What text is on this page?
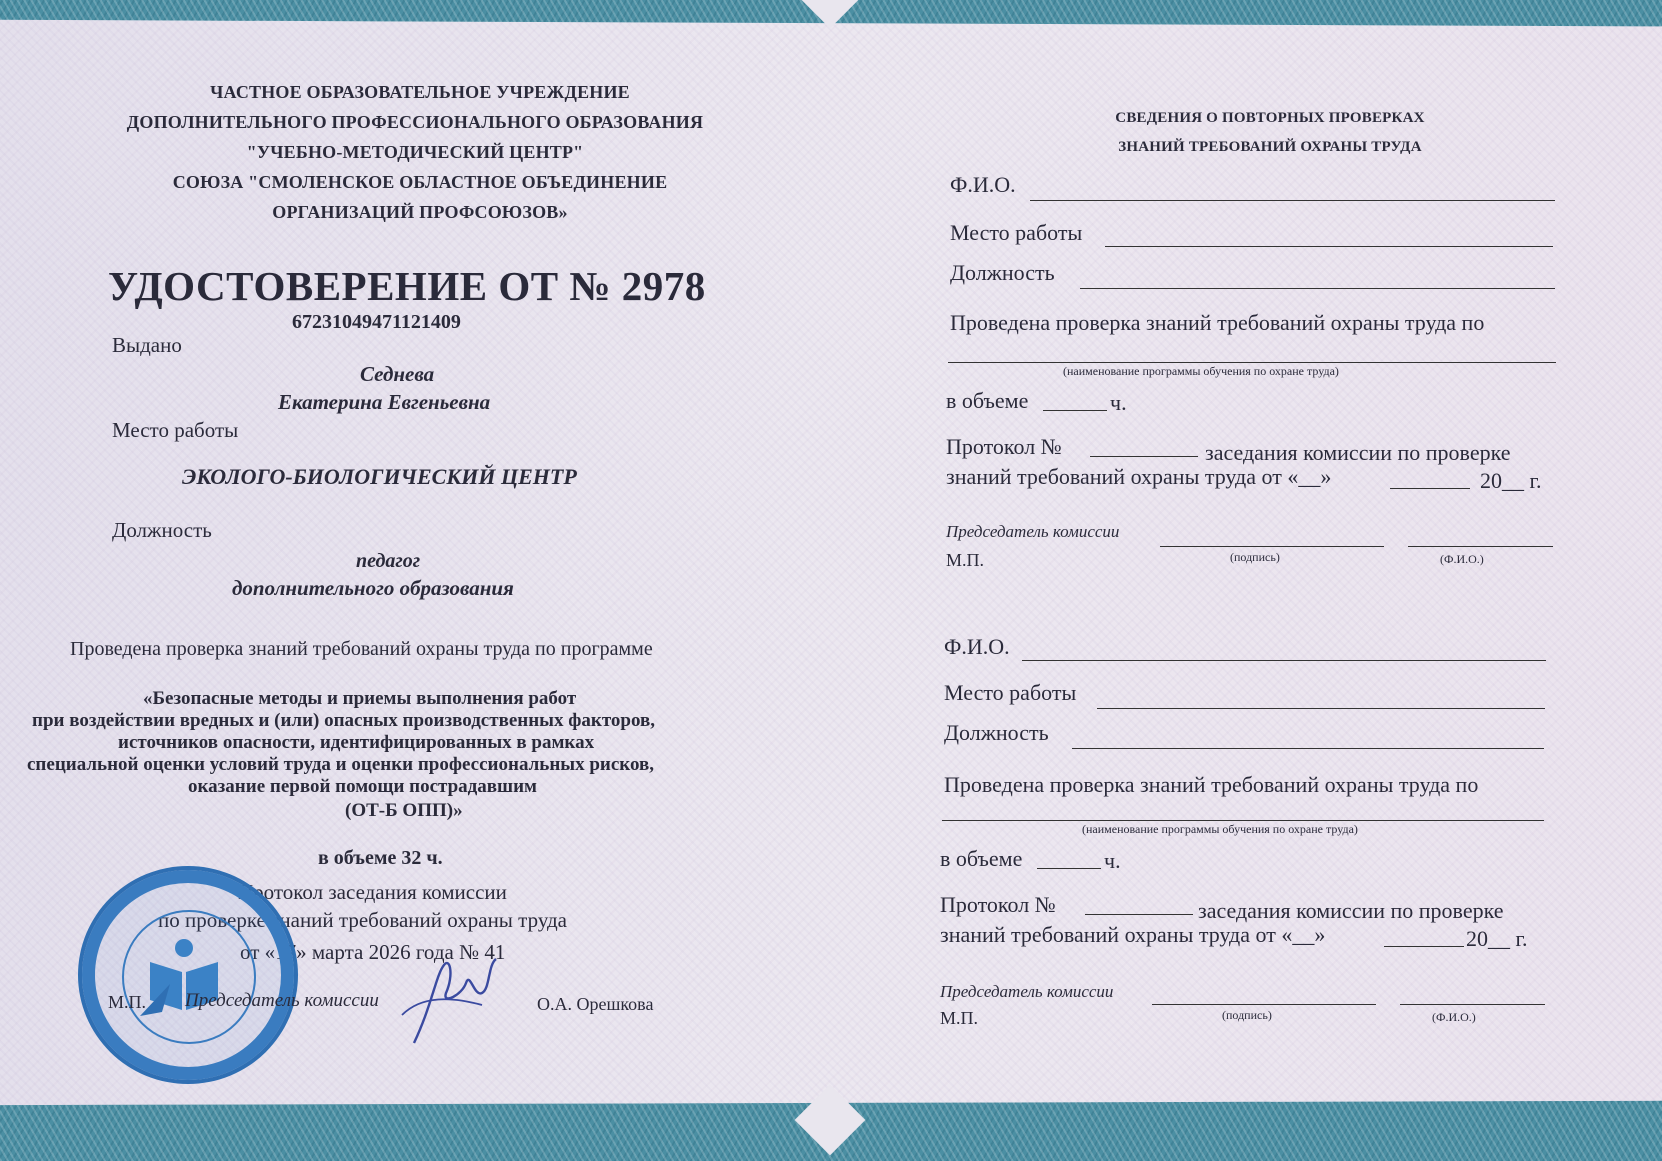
ЧАСТНОЕ ОБРАЗОВАТЕЛЬНОЕ УЧРЕЖДЕНИЕ
ДОПОЛНИТЕЛЬНОГО ПРОФЕССИОНАЛЬНОГО ОБРАЗОВАНИЯ
"УЧЕБНО-МЕТОДИЧЕСКИЙ ЦЕНТР"
СОЮЗА "СМОЛЕНСКОЕ ОБЛАСТНОЕ ОБЪЕДИНЕНИЕ
ОРГАНИЗАЦИЙ ПРОФСОЮЗОВ»
УДОСТОВЕРЕНИЕ ОТ № 2978
67231049471121409
Выдано
Седнева
Екатерина Евгеньевна
Место работы
ЭКОЛОГО-БИОЛОГИЧЕСКИЙ ЦЕНТР
Должность
педагог
дополнительного образования
Проведена проверка знаний требований охраны труда по программе
«Безопасные методы и приемы выполнения работ
при воздействии вредных и (или) опасных производственных факторов,
источников опасности, идентифицированных в рамках
специальной оценки условий труда и оценки профессиональных рисков,
оказание первой помощи пострадавшим
(ОТ-Б ОПП)»
в объеме 32 ч.
Протокол заседания комиссии
по проверке знаний требований охраны труда
от «17» марта 2026 года № 41
М.П. Председатель комиссии	О.А. Орешкова
СВЕДЕНИЯ О ПОВТОРНЫХ ПРОВЕРКАХ
ЗНАНИЙ ТРЕБОВАНИЙ ОХРАНЫ ТРУДА
Ф.И.О.
Место работы
Должность
Проведена проверка знаний требований охраны труда по
(наименование программы обучения по охране труда)
в объеме	ч.
Протокол №	заседания комиссии по проверке
знаний требований охраны труда от «__»	20__ г.
Председатель комиссии
М.П.	(подпись)	(Ф.И.О.)
Ф.И.О.
Место работы
Должность
Проведена проверка знаний требований охраны труда по
(наименование программы обучения по охране труда)
в объеме	ч.
Протокол №	заседания комиссии по проверке
знаний требований охраны труда от «__»	20__ г.
Председатель комиссии
М.П.	(подпись)	(Ф.И.О.)
